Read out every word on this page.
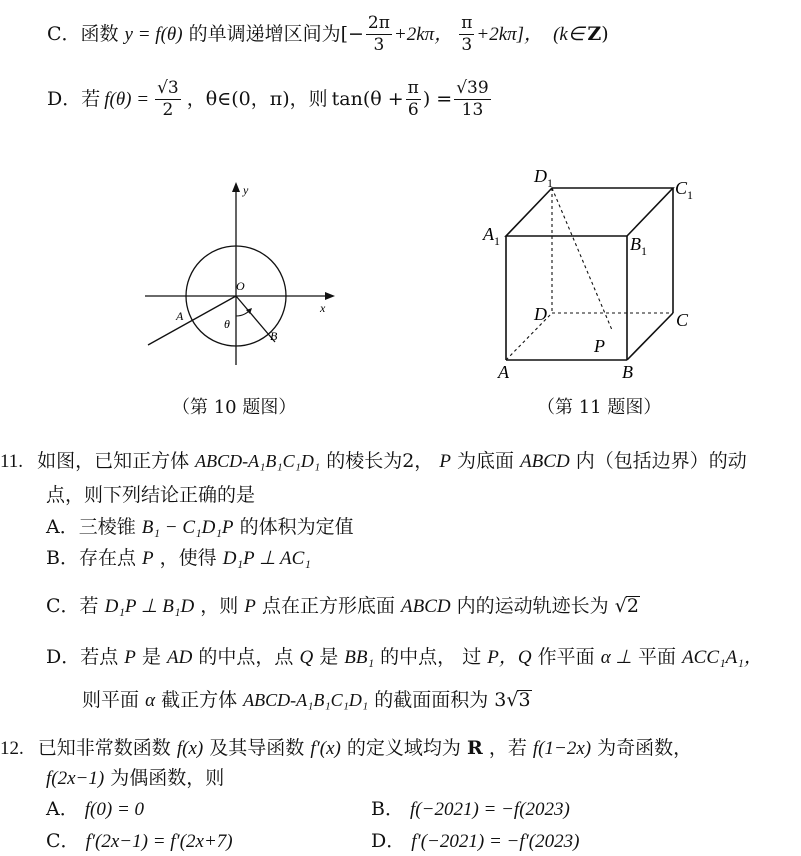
C．函数 y = f(θ) 的单调递增区间为[− $\frac{2\pi}{3} +2k\pi$， $\frac{\pi}{3} +2k\pi$]， (k∈ Z )
D．若 $f(\theta) = \frac{√3}{2}$ ，θ∈(0，π)，则 $\tan(\theta + \frac{\pi}{6}$ ) = $\frac{√39}{13}$
y
x
O
A
B
θ
（第 10 题图）
$D_1$	$C_1$
$A_1$	$B_1$
D	C
P
A	B
（第 11 题图）
11. 如图，已知正方体 ABCD-A₁B₁C₁D₁ 的棱长为2， P 为底面 ABCD 内（包括边界）的动
点，则下列结论正确的是
A．三棱锥 B₁ − C₁D₁P 的体积为定值
B．存在点 P ，使得 D₁P ⊥ AC₁
C．若 D₁P ⊥ B₁D ，则 P 点在正方形底面 ABCD 内的运动轨迹长为 √2
D．若点 P 是 AD 的中点，点 Q 是 BB₁ 的中点， 过 P，Q 作平面 α ⊥ 平面 ACC₁A₁，
则平面 α 截正方体 ABCD-A₁B₁C₁D₁ 的截面面积为 3√3
12. 已知非常数函数 f(x) 及其导函数 f′(x) 的定义域均为 R ，若 f(1−2x) 为奇函数，
f(2x−1) 为偶函数，则
A． f(0) = 0	B． f(−2021) = −f(2023)
C． f′(2x−1) = f′(2x+7)	D． f′(−2021) = −f′(2023)
